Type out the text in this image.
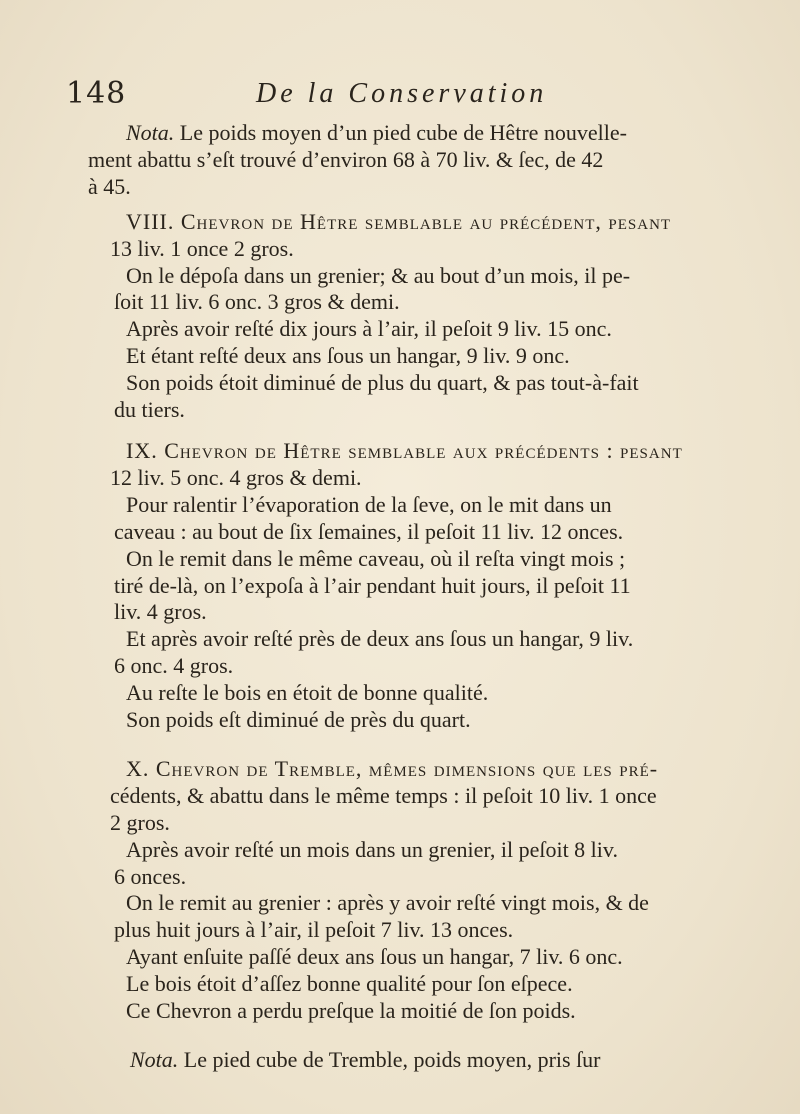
148	De la Conservation
Nota. Le poids moyen d’un pied cube de Hêtre nouvelle-
ment abattu s’eſt trouvé d’environ 68 à 70 liv. & ſec, de 42
à 45.
VIII. Chevron de Hêtre ſemblable au précédent, peſant
13 liv. 1 once 2 gros.
On le dépoſa dans un grenier; & au bout d’un mois, il pe-
ſoit 11 liv. 6 onc. 3 gros & demi.
Après avoir reſté dix jours à l’air, il peſoit 9 liv. 15 onc.
Et étant reſté deux ans ſous un hangar, 9 liv. 9 onc.
Son poids étoit diminué de plus du quart, & pas tout-à-fait
du tiers.
IX. Chevron de Hêtre ſemblable aux précédents : peſant
12 liv. 5 onc. 4 gros & demi.
Pour ralentir l’évaporation de la ſeve, on le mit dans un
caveau : au bout de ſix ſemaines, il peſoit 11 liv. 12 onces.
On le remit dans le même caveau, où il reſta vingt mois ;
tiré de-là, on l’expoſa à l’air pendant huit jours, il peſoit 11
liv. 4 gros.
Et après avoir reſté près de deux ans ſous un hangar, 9 liv.
6 onc. 4 gros.
Au reſte le bois en étoit de bonne qualité.
Son poids eſt diminué de près du quart.
X. Chevron de Tremble, mêmes dimenſions que les pré-
cédents, & abattu dans le même temps : il peſoit 10 liv. 1 once
2 gros.
Après avoir reſté un mois dans un grenier, il peſoit 8 liv.
6 onces.
On le remit au grenier : après y avoir reſté vingt mois, & de
plus huit jours à l’air, il peſoit 7 liv. 13 onces.
Ayant enſuite paſſé deux ans ſous un hangar, 7 liv. 6 onc.
Le bois étoit d’aſſez bonne qualité pour ſon eſpece.
Ce Chevron a perdu preſque la moitié de ſon poids.
Nota. Le pied cube de Tremble, poids moyen, pris ſur
